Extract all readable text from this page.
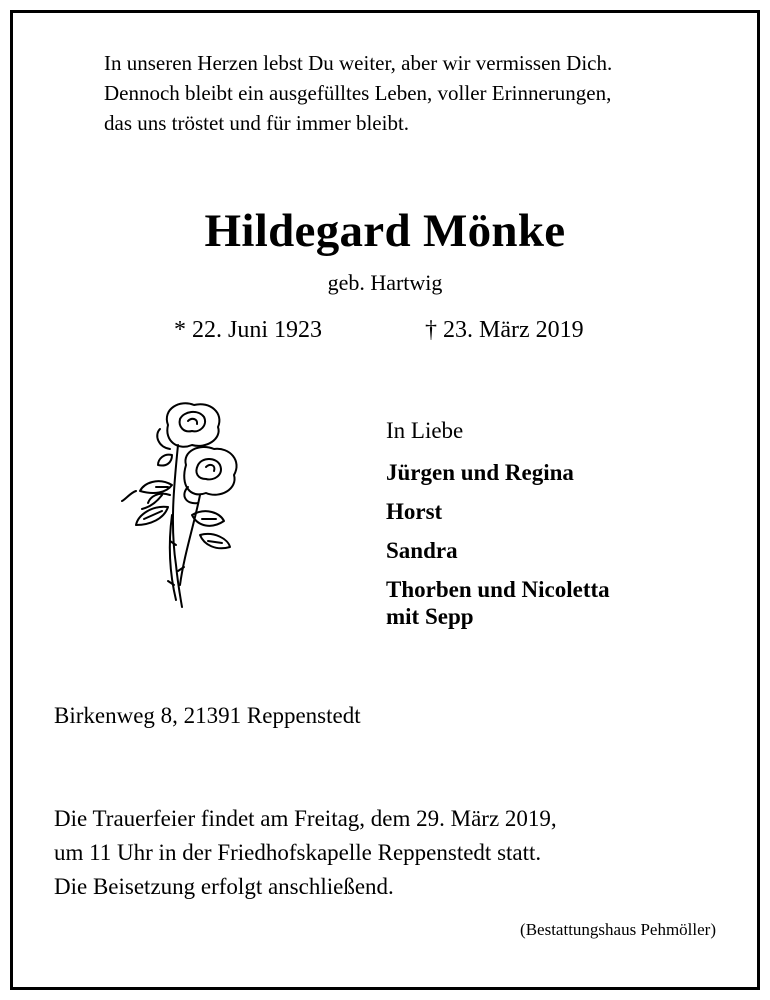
In unseren Herzen lebst Du weiter, aber wir vermissen Dich.
Dennoch bleibt ein ausgefülltes Leben, voller Erinnerungen,
das uns tröstet und für immer bleibt.
Hildegard Mönke
geb. Hartwig
* 22. Juni 1923	† 23. März 2019
In Liebe
Jürgen und Regina
Horst
Sandra
Thorben und Nicoletta
mit Sepp
Birkenweg 8, 21391 Reppenstedt
Die Trauerfeier findet am Freitag, dem 29. März 2019,
um 11 Uhr in der Friedhofskapelle Reppenstedt statt.
Die Beisetzung erfolgt anschließend.
(Bestattungshaus Pehmöller)
